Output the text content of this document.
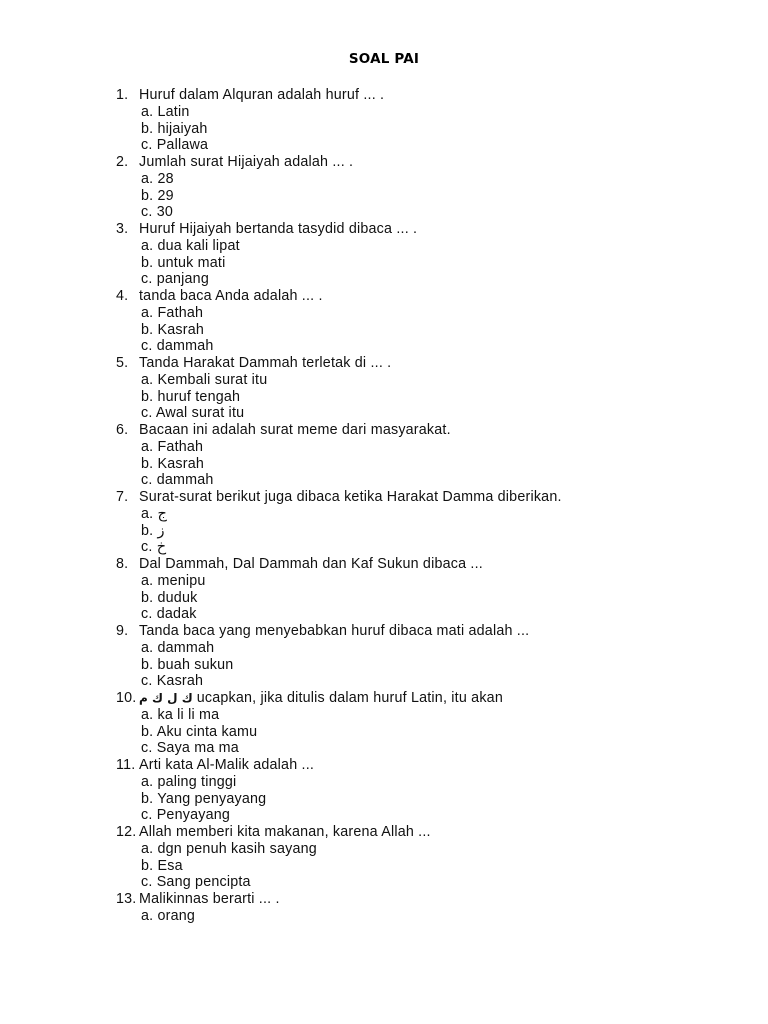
SOAL PAI
1. Huruf dalam Alquran adalah huruf ... .
a. Latin
b. hijaiyah
c. Pallawa
2. Jumlah surat Hijaiyah adalah ... .
a. 28
b. 29
c. 30
3. Huruf Hijaiyah bertanda tasydid dibaca ... .
a. dua kali lipat
b. untuk mati
c. panjang
4. tanda baca Anda adalah ... .
a. Fathah
b. Kasrah
c. dammah
5. Tanda Harakat Dammah terletak di ... .
a. Kembali surat itu
b. huruf tengah
c. Awal surat itu
6. Bacaan ini adalah surat meme dari masyarakat.
a. Fathah
b. Kasrah
c. dammah
7. Surat-surat berikut juga dibaca ketika Harakat Damma diberikan.
a. ج
b. ز
c. خ
8. Dal Dammah, Dal Dammah dan Kaf Sukun dibaca ...
a. menipu
b. duduk
c. dadak
9. Tanda baca yang menyebabkan huruf dibaca mati adalah ...
a. dammah
b. buah sukun
c. Kasrah
10. ك ل ك م ucapkan, jika ditulis dalam huruf Latin, itu akan
a. ka li li ma
b. Aku cinta kamu
c. Saya ma ma
11. Arti kata Al-Malik adalah ...
a. paling tinggi
b. Yang penyayang
c. Penyayang
12. Allah memberi kita makanan, karena Allah ...
a. dgn penuh kasih sayang
b. Esa
c. Sang pencipta
13. Malikinnas berarti ... .
a. orang
